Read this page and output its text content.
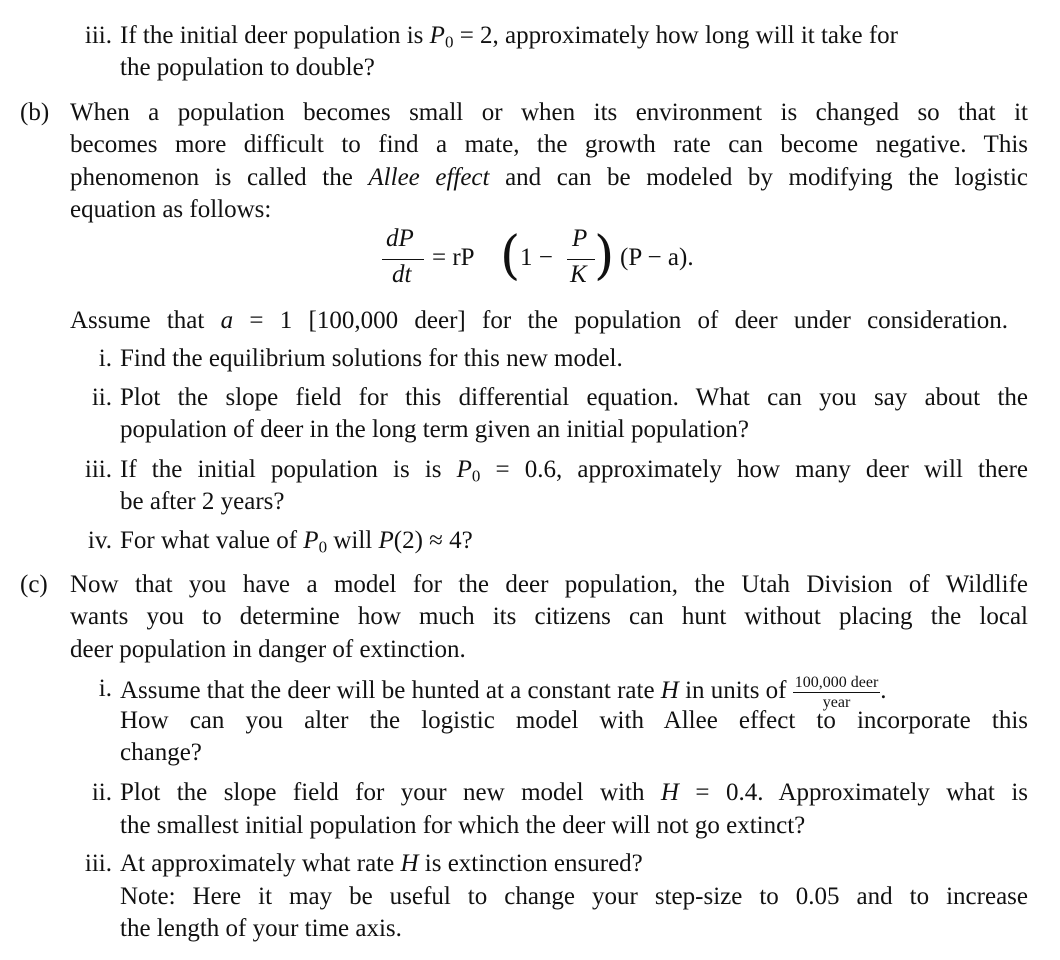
iii. If the initial deer population is $P_0 = 2$, approximately how long will it take for
the population to double?
(b) When a population becomes small or when its environment is changed so that it
becomes more difficult to find a mate, the growth rate can become negative. This
phenomenon is called the Allee effect and can be modeled by modifying the logistic
equation as follows:
dP
dt
= rP ( 1 −
P
K ) (P − a).
Assume that a = 1 [100,000 deer] for the population of deer under consideration.
i. Find the equilibrium solutions for this new model.
ii. Plot the slope field for this differential equation. What can you say about the
population of deer in the long term given an initial population?
iii. If the initial population is is $P_0 = 0.6$, approximately how many deer will there
be after 2 years?
iv. For what value of $P_0$ will P(2) ≈ 4?
(c) Now that you have a model for the deer population, the Utah Division of Wildlife
wants you to determine how much its citizens can hunt without placing the local
deer population in danger of extinction.
i. Assume that the deer will be hunted at a constant rate H in units of $\frac{\text{100,000 deer}}{\text{year}}$ .
How can you alter the logistic model with Allee effect to incorporate this
change?
ii. Plot the slope field for your new model with H = 0.4. Approximately what is
the smallest initial population for which the deer will not go extinct?
iii. At approximately what rate H is extinction ensured?
Note: Here it may be useful to change your step-size to 0.05 and to increase
the length of your time axis.
